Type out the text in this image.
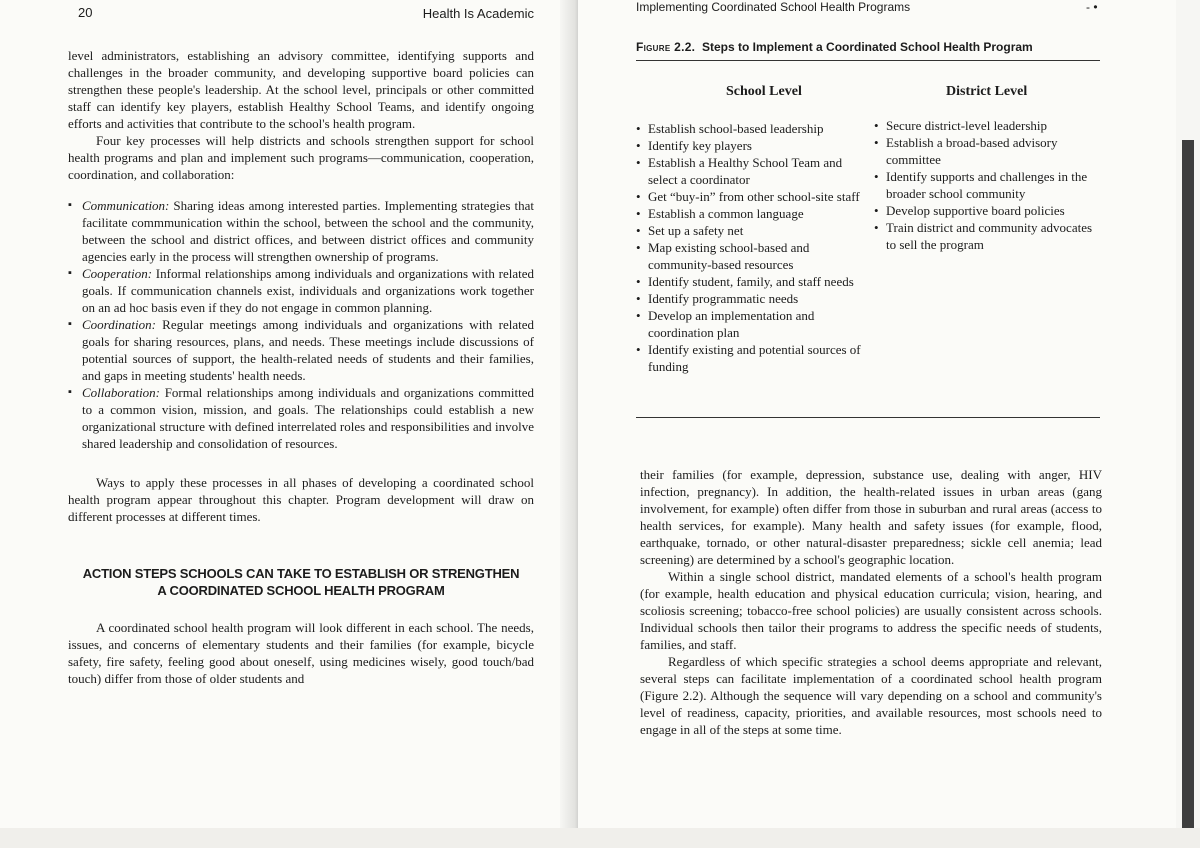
20	Health Is Academic

level administrators, establishing an advisory committee, identifying supports and challenges in the broader community, and developing supportive board policies can strengthen these people's leadership. At the school level, principals or other committed staff can identify key players, establish Healthy School Teams, and identify ongoing efforts and activities that contribute to the school's health program.

Four key processes will help districts and schools strengthen support for school health programs and plan and implement such programs—communication, cooperation, coordination, and collaboration:

▪ Communication: Sharing ideas among interested parties. Implementing strategies that facilitate commmunication within the school, between the school and the community, between the school and district offices, and between district offices and community agencies early in the process will strengthen ownership of programs.
▪ Cooperation: Informal relationships among individuals and organizations with related goals. If communication channels exist, individuals and organizations work together on an ad hoc basis even if they do not engage in common planning.
▪ Coordination: Regular meetings among individuals and organizations with related goals for sharing resources, plans, and needs. These meetings include discussions of potential sources of support, the health-related needs of students and their families, and gaps in meeting students' health needs.
▪ Collaboration: Formal relationships among individuals and organizations committed to a common vision, mission, and goals. The relationships could establish a new organizational structure with defined interrelated roles and responsibilities and involve shared leadership and consolidation of resources.

Ways to apply these processes in all phases of developing a coordinated school health program appear throughout this chapter. Program development will draw on different processes at different times.

ACTION STEPS SCHOOLS CAN TAKE TO ESTABLISH OR STRENGTHEN
A COORDINATED SCHOOL HEALTH PROGRAM

A coordinated school health program will look different in each school. The needs, issues, and concerns of elementary students and their families (for example, bicycle safety, fire safety, feeling good about oneself, using medicines wisely, good touch/bad touch) differ from those of older students and

Implementing Coordinated School Health Programs	- •
Figure 2.2. Steps to Implement a Coordinated School Health Program
School Level	District Level
• Establish school-based leadership
• Identify key players
• Establish a Healthy School Team and select a coordinator
• Get “buy-in” from other school-site staff
• Establish a common language
• Set up a safety net
• Map existing school-based and community-based resources
• Identify student, family, and staff needs
• Identify programmatic needs
• Develop an implementation and coordination plan
• Identify existing and potential sources of funding
• Secure district-level leadership
• Establish a broad-based advisory committee
• Identify supports and challenges in the broader school community
• Develop supportive board policies
• Train district and community advocates to sell the program

their families (for example, depression, substance use, dealing with anger, HIV infection, pregnancy). In addition, the health-related issues in urban areas (gang involvement, for example) often differ from those in suburban and rural areas (access to health services, for example). Many health and safety issues (for example, flood, earthquake, tornado, or other natural-disaster preparedness; sickle cell anemia; lead screening) are determined by a school's geographic location.

Within a single school district, mandated elements of a school's health program (for example, health education and physical education curricula; vision, hearing, and scoliosis screening; tobacco-free school policies) are usually consistent across schools. Individual schools then tailor their programs to address the specific needs of students, families, and staff.

Regardless of which specific strategies a school deems appropriate and relevant, several steps can facilitate implementation of a coordinated school health program (Figure 2.2). Although the sequence will vary depending on a school and community's level of readiness, capacity, priorities, and available resources, most schools need to engage in all of the steps at some time.
